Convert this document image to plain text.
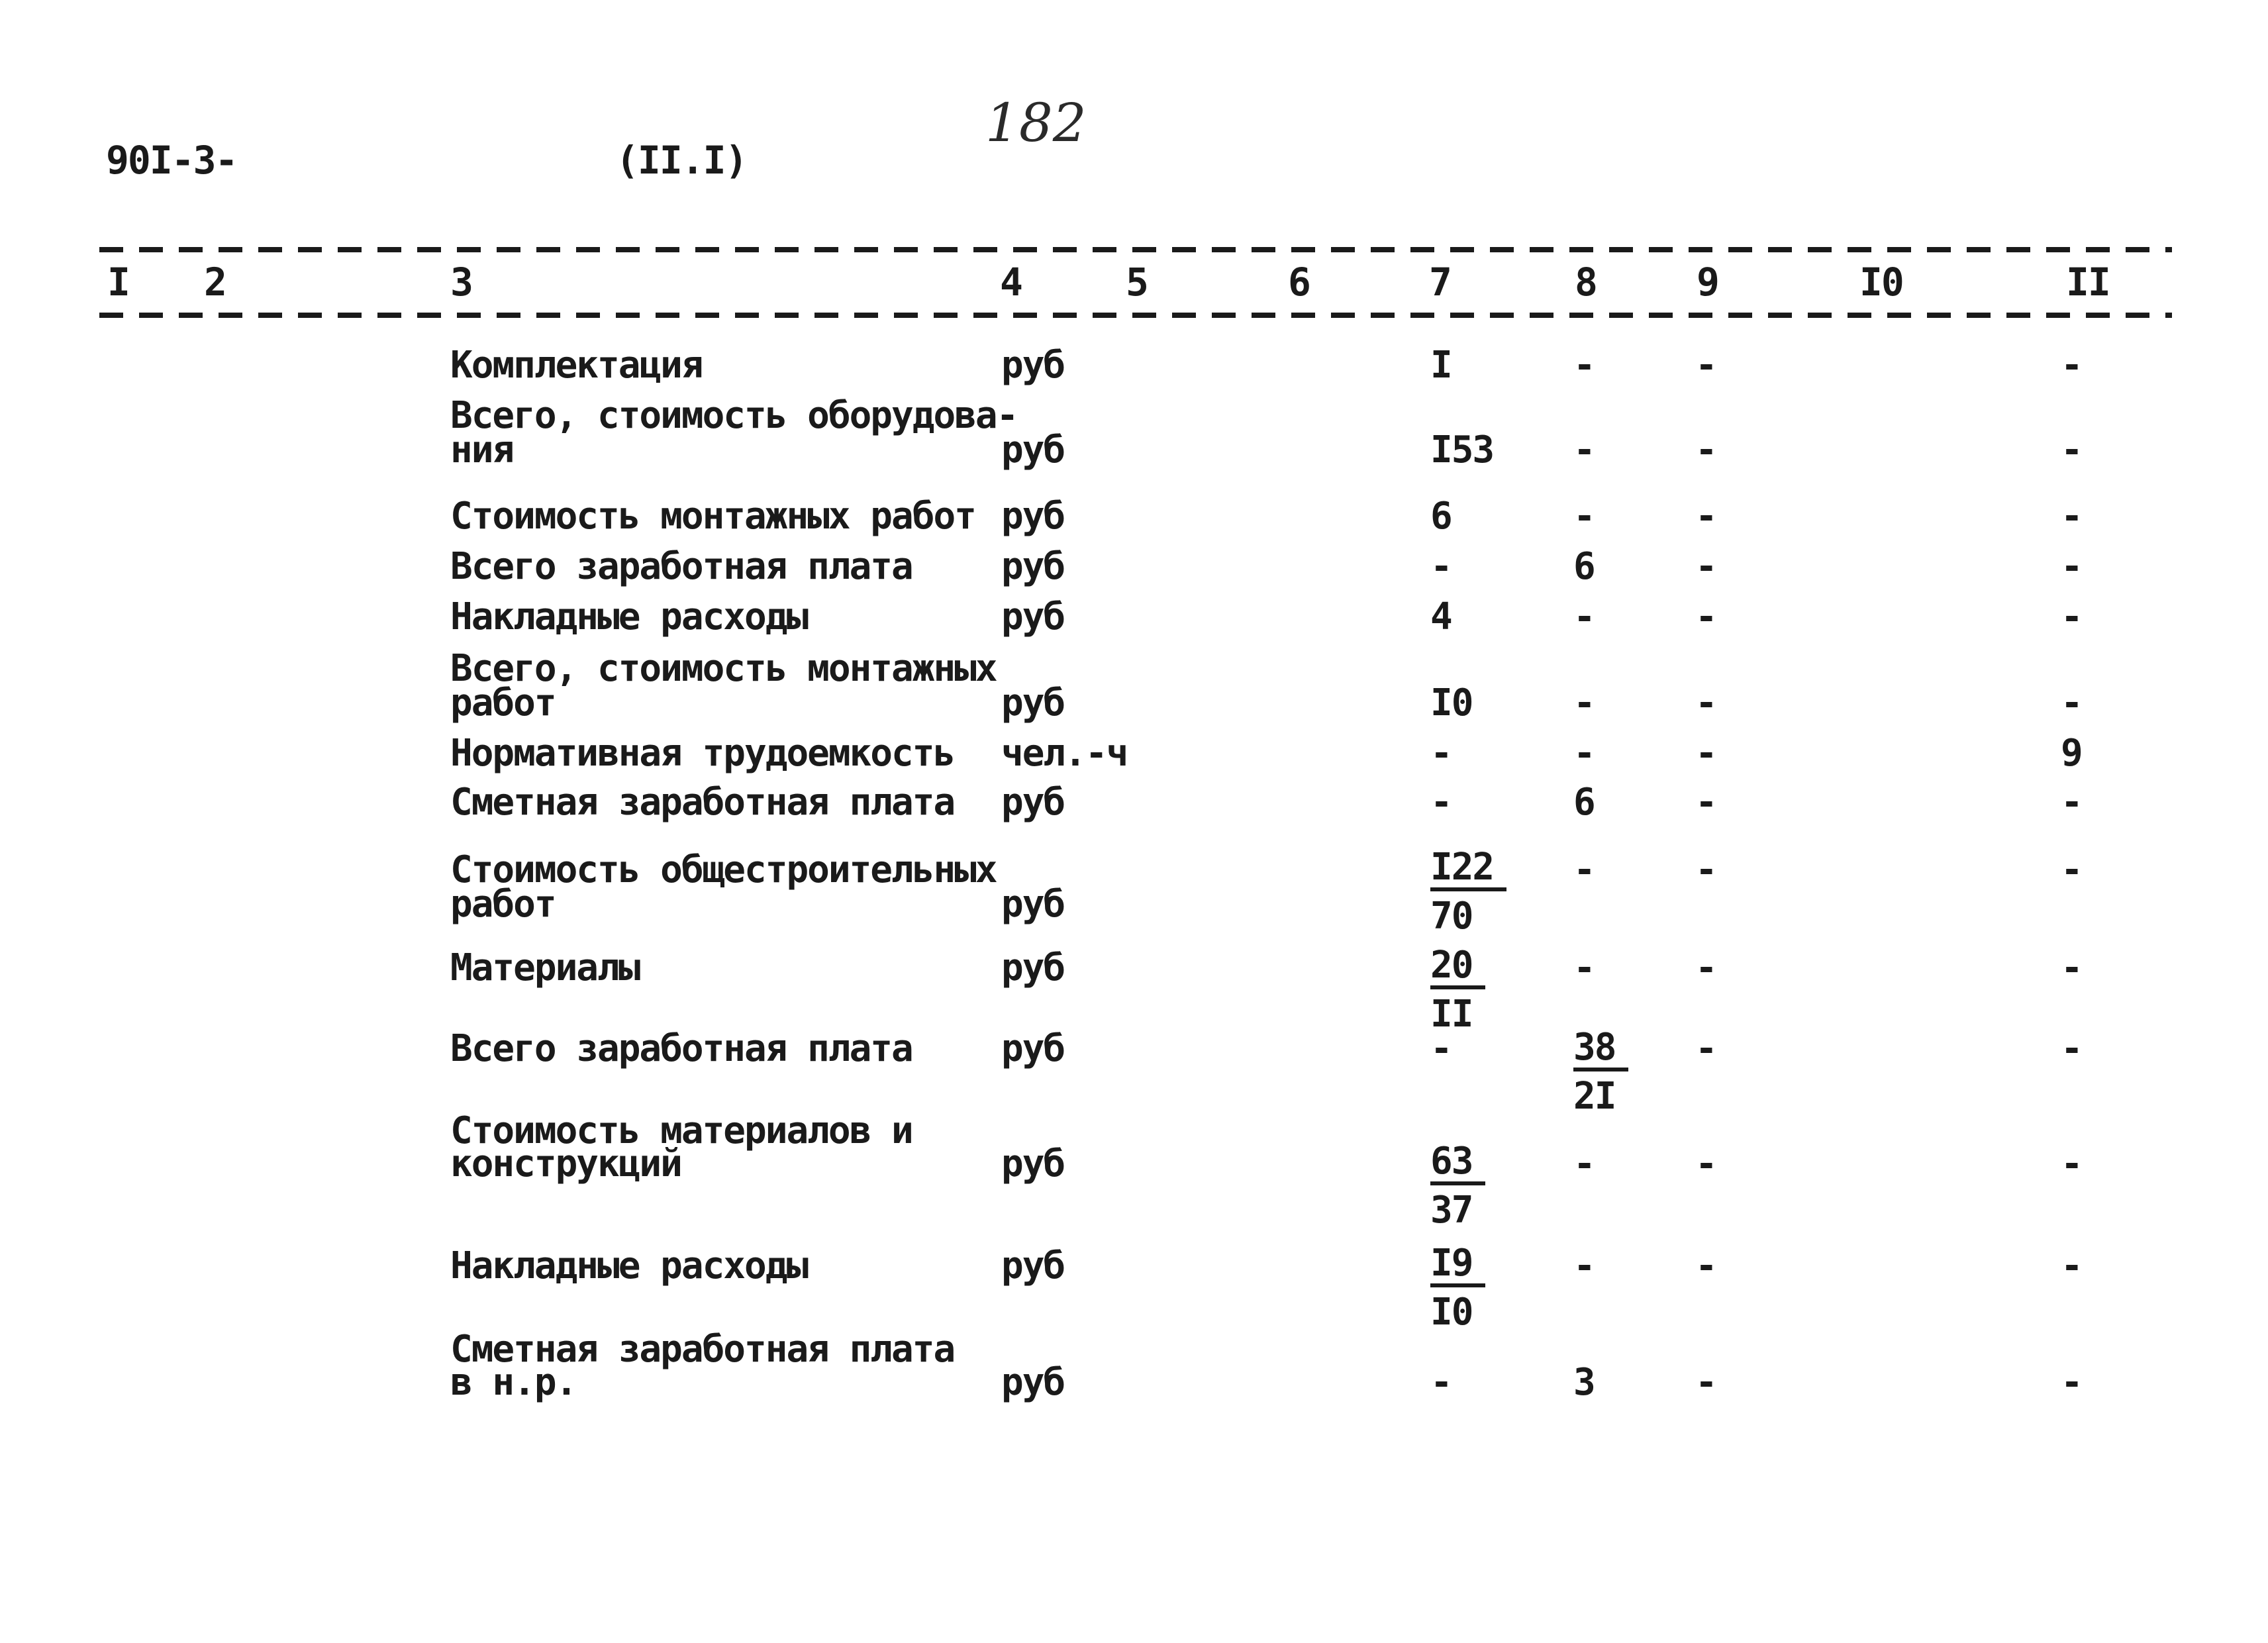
90I-3-	(II.I)
182
I 2	3	4	5	6	7	8	9	I0	II
Комплектация	руб	I	-	-	-
Всего, стоимость оборудова-
ния	руб	I53 -	-	-
Стоимость монтажных работ руб	6	-	-	-
Всего заработная плата руб	-	6	-	-
Накладные расходы	руб	4	-	-	-
Всего, стоимость монтажных
работ	руб	I0	-	-	-
Нормативная трудоемкость чел.-ч	-	-	-	9
Сметная заработная плата руб	-	6	-	-
Стоимость общестроительных
работ	руб	$\frac{I22}{70}$ -	-	-
Материалы	руб	$\frac{20}{II}$ -	-	-
Всего заработная плата руб	-	$\frac{38}{2I}$ -	-
Стоимость материалов и
конструкций	руб	$\frac{63}{37}$ -	-	-
Накладные расходы	руб	$\frac{I9}{I0}$ -	-	-
Сметная заработная плата
в н.р.	руб	-	3	-	-
